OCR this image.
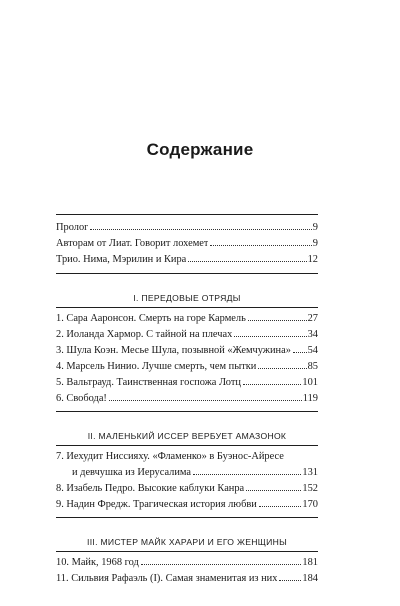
Содержание
Пролог	9
Авторам от Лиат. Говорит лохемет	9
Трио. Нима, Мэрилин и Кира	12
I. ПЕРЕДОВЫЕ ОТРЯДЫ
1. Сара Ааронсон. Смерть на горе Кармель	27
2. Иоланда Хармор. С тайной на плечах	34
3. Шула Коэн. Месье Шула, позывной «Жемчужина» 54
4. Марсель Нинио. Лучше смерть, чем пытки	85
5. Вальтрауд. Таинственная госпожа Лотц	101
6. Свобода!	119
II. МАЛЕНЬКИЙ ИССЕР ВЕРБУЕТ АМАЗОНОК
7. Иехудит Ниссияху. «Фламенко» в Буэнос-Айресе
и девчушка из Иерусалима	131
8. Изабель Педро. Высокие каблуки Канра	152
9. Надин Фредж. Трагическая история любви	170
III. МИСТЕР МАЙК ХАРАРИ И ЕГО ЖЕНЩИНЫ
10. Майк, 1968 год	181
11. Сильвия Рафаэль (I). Самая знаменитая из них 184
